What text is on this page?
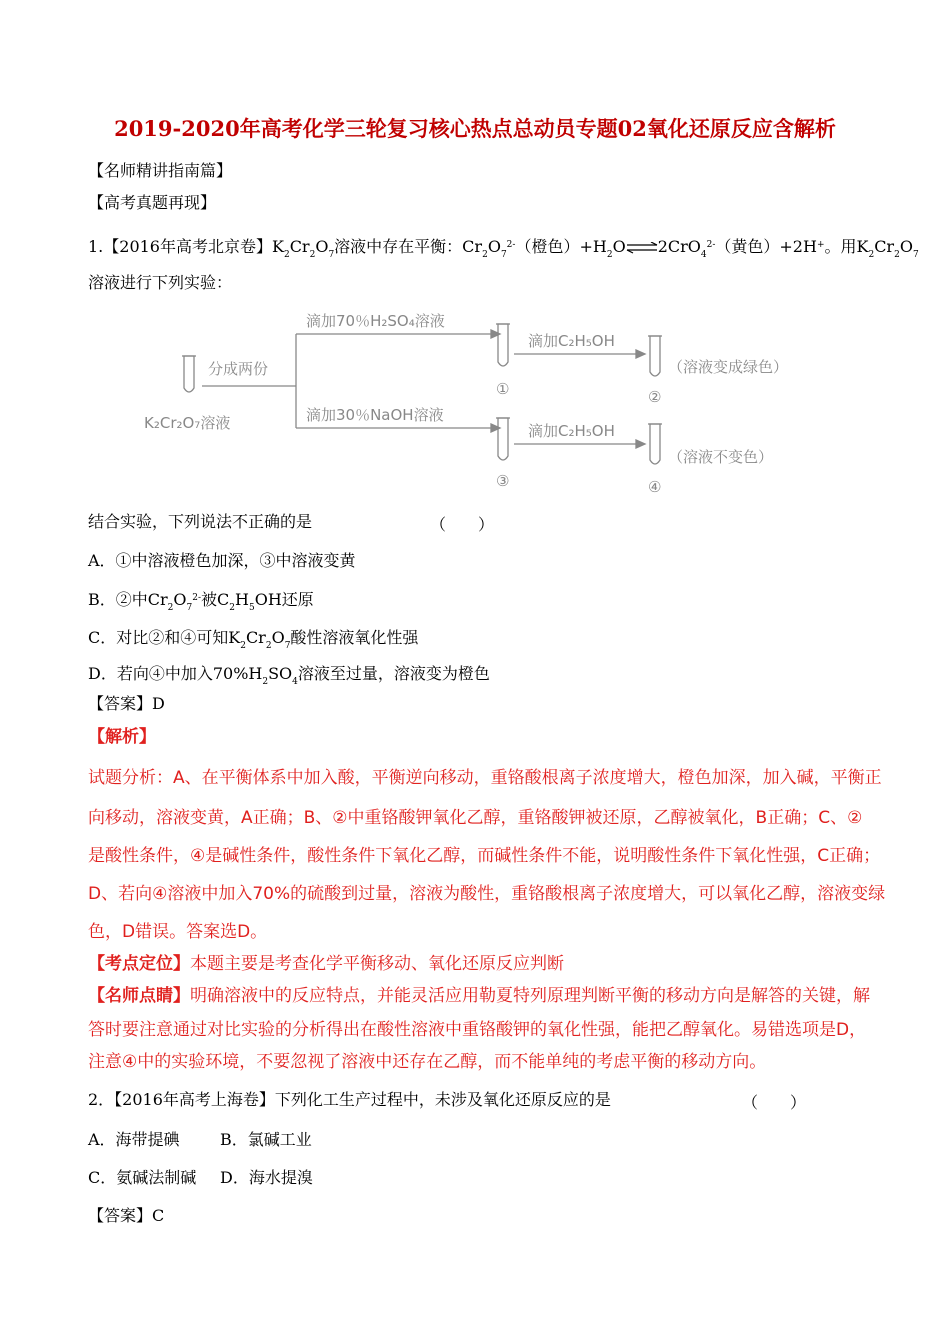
2019-2020年高考化学三轮复习核心热点总动员专题02氧化还原反应含解析
【名师精讲指南篇】
【高考真题再现】
1.【2016年高考北京卷】$K_2Cr_2O_7$溶液中存在平衡：$Cr_2O_7^{2-}$（橙色）$+H_2O\rightleftharpoons 2CrO_4^{2-}$（黄色）+2H+。用$K_2Cr_2O_7$
溶液进行下列实验：
分成两份
K₂Cr₂O₇溶液
滴加70％H₂SO₄溶液
滴加30％NaOH溶液
滴加C₂H₅OH
滴加C₂H₅OH
①
③
②
④
（溶液变成绿色）
（溶液不变色）
结合实验，下列说法不正确的是	（　　）
A．①中溶液橙色加深，③中溶液变黄
B．②中$Cr_2O_7^{2-}$被$C_2H_5OH$还原
C．对比②和④可知$K_2Cr_2O_7$酸性溶液氧化性强
D．若向④中加入$70\%H_2SO_4$溶液至过量，溶液变为橙色
【答案】D
【解析】
试题分析：A、在平衡体系中加入酸，平衡逆向移动，重铬酸根离子浓度增大，橙色加深，加入碱，平衡正
向移动，溶液变黄，A正确；B、②中重铬酸钾氧化乙醇，重铬酸钾被还原，乙醇被氧化，B正确；C、②
是酸性条件，④是碱性条件，酸性条件下氧化乙醇，而碱性条件不能，说明酸性条件下氧化性强，C正确；
D、若向④溶液中加入70%的硫酸到过量，溶液为酸性，重铬酸根离子浓度增大，可以氧化乙醇，溶液变绿
色，D错误。答案选D。
【考点定位】本题主要是考查化学平衡移动、氧化还原反应判断
【名师点睛】明确溶液中的反应特点，并能灵活应用勒夏特列原理判断平衡的移动方向是解答的关键，解
答时要注意通过对比实验的分析得出在酸性溶液中重铬酸钾的氧化性强，能把乙醇氧化。易错选项是D，
注意④中的实验环境，不要忽视了溶液中还存在乙醇，而不能单纯的考虑平衡的移动方向。
2．【2016年高考上海卷】下列化工生产过程中，未涉及氧化还原反应的是	（　　）
A．海带提碘	B．氯碱工业
C．氨碱法制碱 D．海水提溴
【答案】C
